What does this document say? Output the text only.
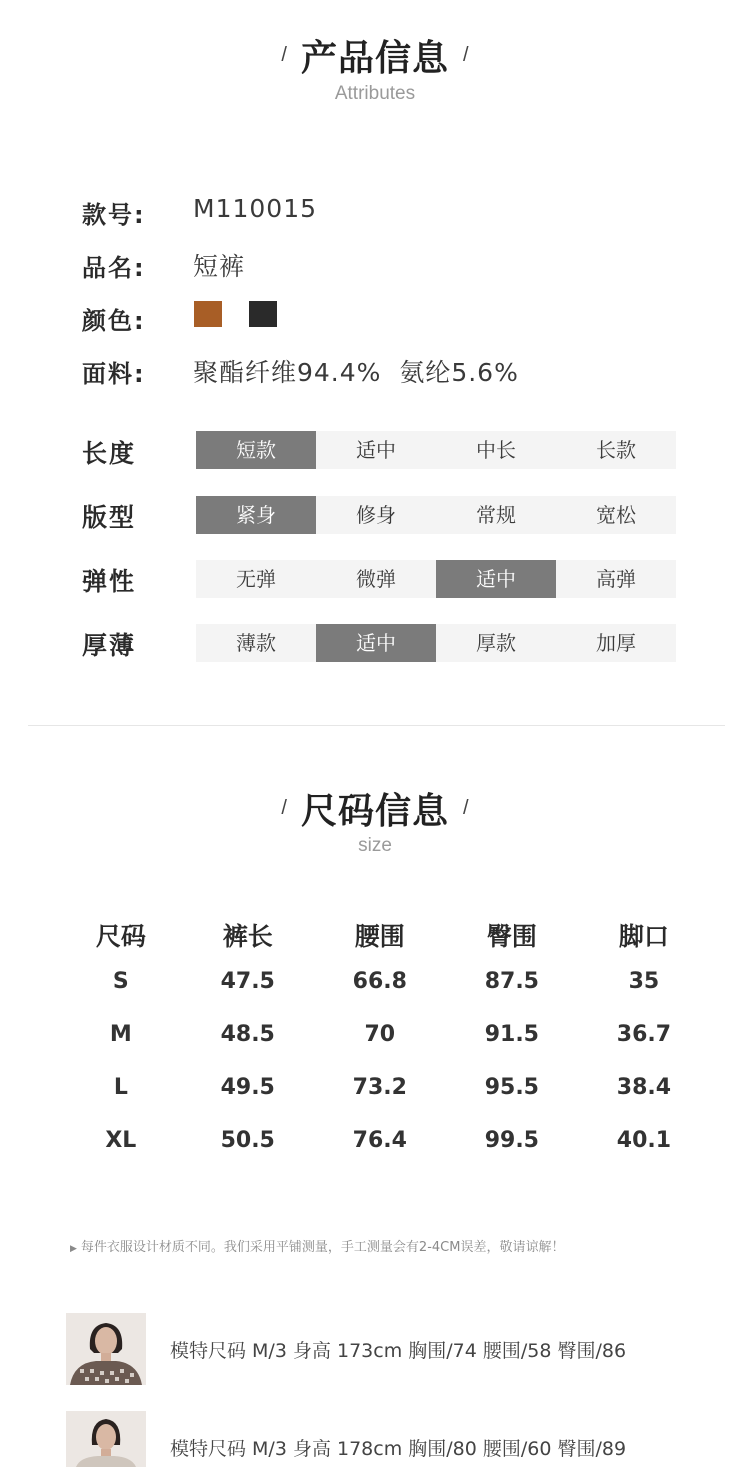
/ 产品信息 /
Attributes
款号: M110015
品名: 短裤
颜色:
面料: 聚酯纤维94.4%  氨纶5.6%
长度	短款	适中	中长	长款
版型	紧身	修身	常规	宽松
弹性	无弹	微弹	适中	高弹
厚薄	薄款	适中	厚款	加厚
/ 尺码信息 /
size
尺码	裤长	腰围	臀围	脚口
S	47.5	66.8	87.5	35
M	48.5	70	91.5	36.7
L	49.5	73.2	95.5	38.4
XL	50.5	76.4	99.5	40.1
▶ 每件衣服设计材质不同。我们采用平铺测量，手工测量会有2-4CM误差，敬请谅解！
模特尺码 M/3 身高 173cm 胸围/74 腰围/58 臀围/86
模特尺码 M/3 身高 178cm 胸围/80 腰围/60 臀围/89
